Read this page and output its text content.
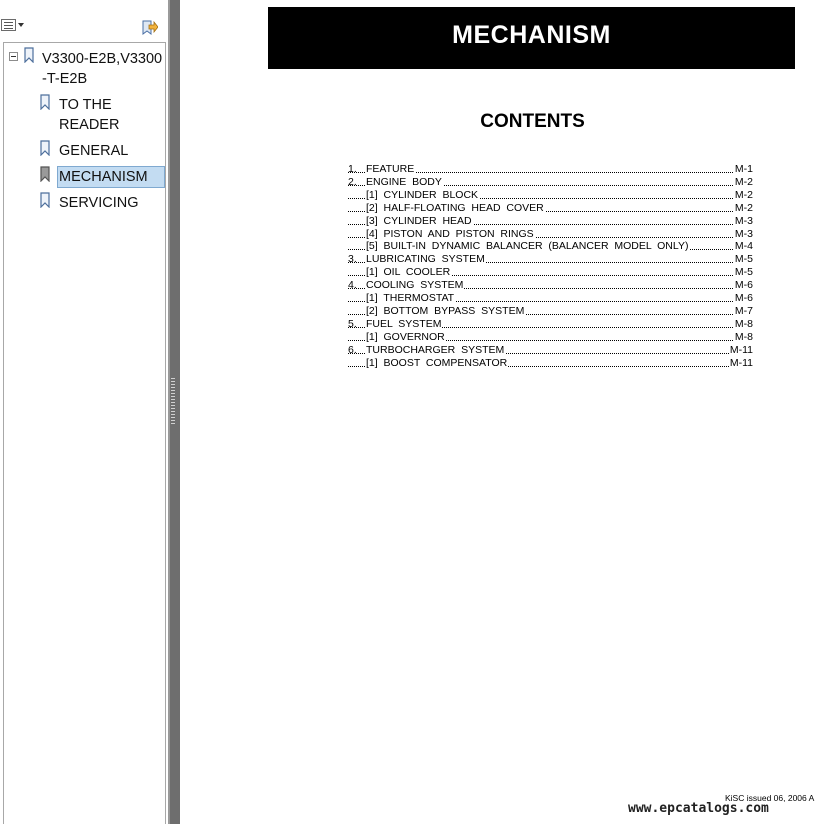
V3300-E2B,V3300
-T-E2B
TO THE
READER
GENERAL
MECHANISM
SERVICING
MECHANISM
CONTENTS
1. FEATURE	M-1
2. ENGINE  BODY	M-2
[1]  CYLINDER  BLOCK	M-2
[2]  HALF-FLOATING  HEAD  COVER	M-2
[3]  CYLINDER  HEAD	M-3
[4]  PISTON  AND  PISTON  RINGS	M-3
[5]  BUILT-IN  DYNAMIC  BALANCER  (BALANCER  MODEL  ONLY)	M-4
3. LUBRICATING  SYSTEM	M-5
[1]  OIL  COOLER	M-5
4. COOLING  SYSTEM	M-6
[1]  THERMOSTAT	M-6
[2]  BOTTOM  BYPASS  SYSTEM	M-7
5. FUEL  SYSTEM	M-8
[1]  GOVERNOR	M-8
6. TURBOCHARGER  SYSTEM	M-11
[1]  BOOST  COMPENSATOR	M-11
KiSC issued 06, 2006 A
www.epcatalogs.com
